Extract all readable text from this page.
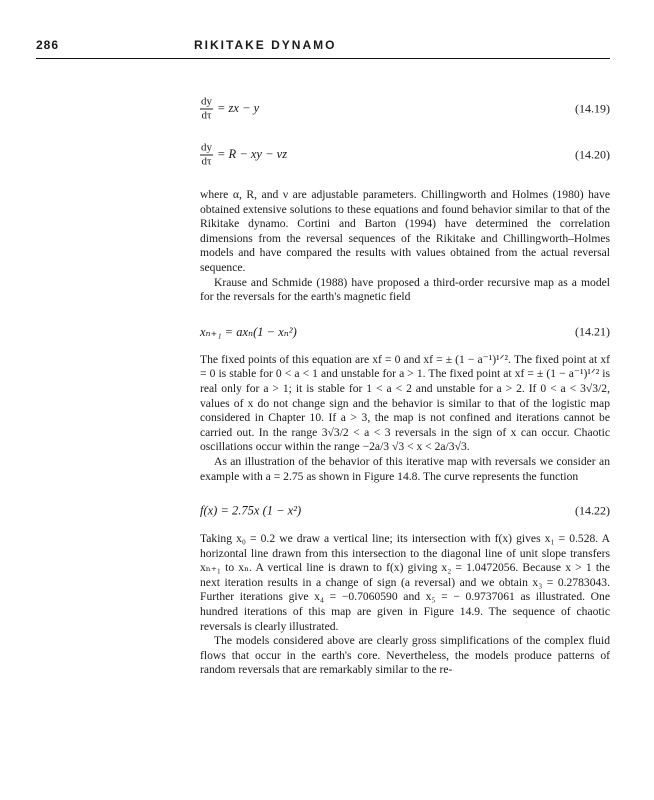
286	RIKITAKE DYNAMO
$\frac{dy}{d\tau}$ = zx − y	(14.19)
$\frac{dy}{d\tau} = R$ − xy − νz	(14.20)

where α, R, and ν are adjustable parameters. Chillingworth and Holmes (1980) have obtained extensive solutions to these equations and found behavior similar to that of the Rikitake dynamo. Cortini and Barton (1994) have determined the correlation dimensions from the reversal sequences of the Rikitake and Chillingworth–Holmes models and have compared the results with values obtained from the actual reversal sequence.

Krause and Schmide (1988) have proposed a third-order recursive map as a model for the reversals for the earth's magnetic field

xₙ₊₁ = axₙ(1 − xₙ²)	(14.21)

The fixed points of this equation are xf = 0 and xf = ± (1 − a⁻¹)¹ᐟ². The fixed point at xf = 0 is stable for 0 < a < 1 and unstable for a > 1. The fixed point at xf = ± (1 − a⁻¹)¹ᐟ² is real only for a > 1; it is stable for 1 < a < 2 and unstable for a > 2. If 0 < a < 3√3/2, values of x do not change sign and the behavior is similar to that of the logistic map considered in Chapter 10. If a > 3, the map is not confined and iterations cannot be carried out. In the range 3√3/2 < a < 3 reversals in the sign of x can occur. Chaotic oscillations occur within the range −2a/3 √3 < x < 2a/3√3.

As an illustration of the behavior of this iterative map with reversals we consider an example with a = 2.75 as shown in Figure 14.8. The curve represents the function

f(x) = 2.75x (1 − x²)	(14.22)

Taking x₀ = 0.2 we draw a vertical line; its intersection with f(x) gives x₁ = 0.528. A horizontal line drawn from this intersection to the diagonal line of unit slope transfers xₙ₊₁ to xₙ. A vertical line is drawn to f(x) giving x₂ = 1.0472056. Because x > 1 the next iteration results in a change of sign (a reversal) and we obtain x₃ = 0.2783043. Further iterations give x₄ = −0.7060590 and x₅ = − 0.9737061 as illustrated. One hundred iterations of this map are given in Figure 14.9. The sequence of chaotic reversals is clearly illustrated.

The models considered above are clearly gross simplifications of the complex fluid flows that occur in the earth's core. Nevertheless, the models produce patterns of random reversals that are remarkably similar to the re-
